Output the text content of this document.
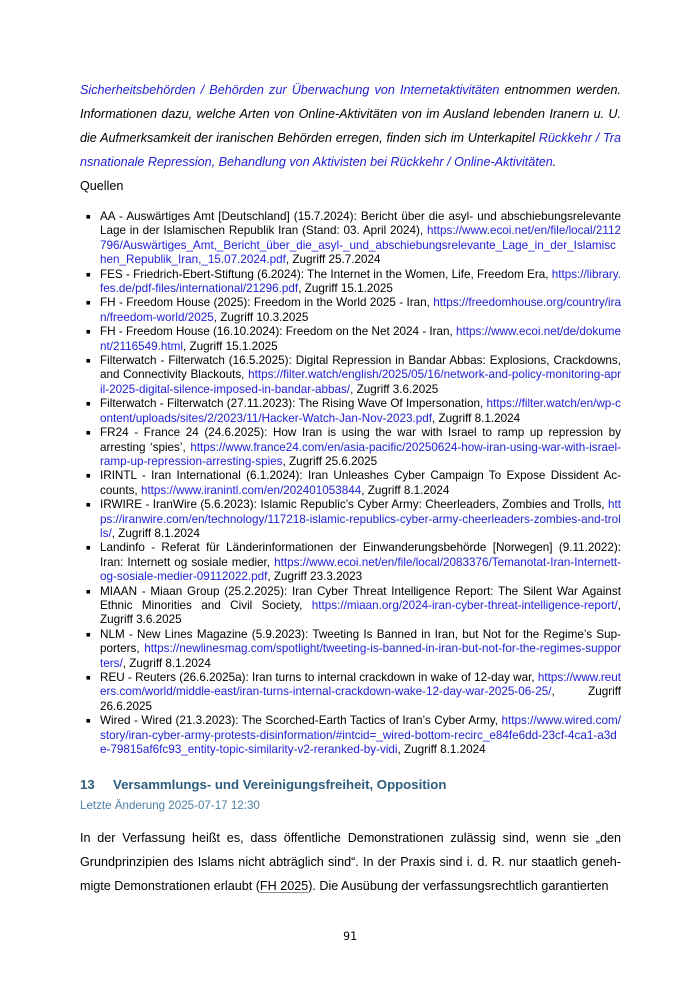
Sicherheitsbehörden / Behörden zur Überwachung von Internetaktivitäten entnommen werden. Informationen dazu, welche Arten von Online-Aktivitäten von im Ausland lebenden Iranern u. U. die Aufmerksamkeit der iranischen Behörden erregen, finden sich im Unterkapitel Rückkehr / Transnationale Repression, Behandlung von Aktivisten bei Rückkehr / Online-Aktivitäten.

Quellen

■ AA - Auswärtiges Amt [Deutschland] (15.7.2024): Bericht über die asyl- und abschiebungsrelevante Lage in der Islamischen Republik Iran (Stand: 03. April 2024), https://www.ecoi.net/en/file/local/2112796/Auswärtiges_Amt,_Bericht_über_die_asyl-_und_abschiebungsrelevante_Lage_in_der_Islamischen_Republik_Iran,_15.07.2024.pdf, Zugriff 25.7.2024
■ FES - Friedrich-Ebert-Stiftung (6.2024): The Internet in the Women, Life, Freedom Era, https://library.fes.de/pdf-files/international/21296.pdf, Zugriff 15.1.2025
■ FH - Freedom House (2025): Freedom in the World 2025 - Iran, https://freedomhouse.org/country/iran/freedom-world/2025, Zugriff 10.3.2025
■ FH - Freedom House (16.10.2024): Freedom on the Net 2024 - Iran, https://www.ecoi.net/de/dokument/2116549.html, Zugriff 15.1.2025
■ Filterwatch - Filterwatch (16.5.2025): Digital Repression in Bandar Abbas: Explosions, Crackdowns, and Connectivity Blackouts, https://filter.watch/english/2025/05/16/network-and-policy-monitoring-april-2025-digital-silence-imposed-in-bandar-abbas/, Zugriff 3.6.2025
■ Filterwatch - Filterwatch (27.11.2023): The Rising Wave Of Impersonation, https://filter.watch/en/wp-content/uploads/sites/2/2023/11/Hacker-Watch-Jan-Nov-2023.pdf, Zugriff 8.1.2024
■ FR24 - France 24 (24.6.2025): How Iran is using the war with Israel to ramp up repression by arresting ‘spies’, https://www.france24.com/en/asia-pacific/20250624-how-iran-using-war-with-israel-ramp-up-repression-arresting-spies, Zugriff 25.6.2025
■ IRINTL - Iran International (6.1.2024): Iran Unleashes Cyber Campaign To Expose Dissident Accounts, https://www.iranintl.com/en/202401053844, Zugriff 8.1.2024
■ IRWIRE - IranWire (5.6.2023): Islamic Republic’s Cyber Army: Cheerleaders, Zombies and Trolls, https://iranwire.com/en/technology/117218-islamic-republics-cyber-army-cheerleaders-zombies-and-trolls/, Zugriff 8.1.2024
■ Landinfo - Referat für Länderinformationen der Einwanderungsbehörde [Norwegen] (9.11.2022): Iran: Internett og sosiale medier, https://www.ecoi.net/en/file/local/2083376/Temanotat-Iran-Internett-og-sosiale-medier-09112022.pdf, Zugriff 23.3.2023
■ MIAAN - Miaan Group (25.2.2025): Iran Cyber Threat Intelligence Report: The Silent War Against Ethnic Minorities and Civil Society, https://miaan.org/2024-iran-cyber-threat-intelligence-report/, Zugriff 3.6.2025
■ NLM - New Lines Magazine (5.9.2023): Tweeting Is Banned in Iran, but Not for the Regime’s Supporters, https://newlinesmag.com/spotlight/tweeting-is-banned-in-iran-but-not-for-the-regimes-supporters/, Zugriff 8.1.2024
■ REU - Reuters (26.6.2025a): Iran turns to internal crackdown in wake of 12-day war, https://www.reuters.com/world/middle-east/iran-turns-internal-crackdown-wake-12-day-war-2025-06-25/, Zugriff 26.6.2025
■ Wired - Wired (21.3.2023): The Scorched-Earth Tactics of Iran’s Cyber Army, https://www.wired.com/story/iran-cyber-army-protests-disinformation/#intcid=_wired-bottom-recirc_e84fe6dd-23cf-4ca1-a3de-79815af6fc93_entity-topic-similarity-v2-reranked-by-vidi, Zugriff 8.1.2024
13 Versammlungs- und Vereinigungsfreiheit, Opposition

Letzte Änderung 2025-07-17 12:30

In der Verfassung heißt es, dass öffentliche Demonstrationen zulässig sind, wenn sie „den Grundprinzipien des Islams nicht abträglich sind“. In der Praxis sind i. d. R. nur staatlich genehmigte Demonstrationen erlaubt (FH 2025). Die Ausübung der verfassungsrechtlich garantierten

91
